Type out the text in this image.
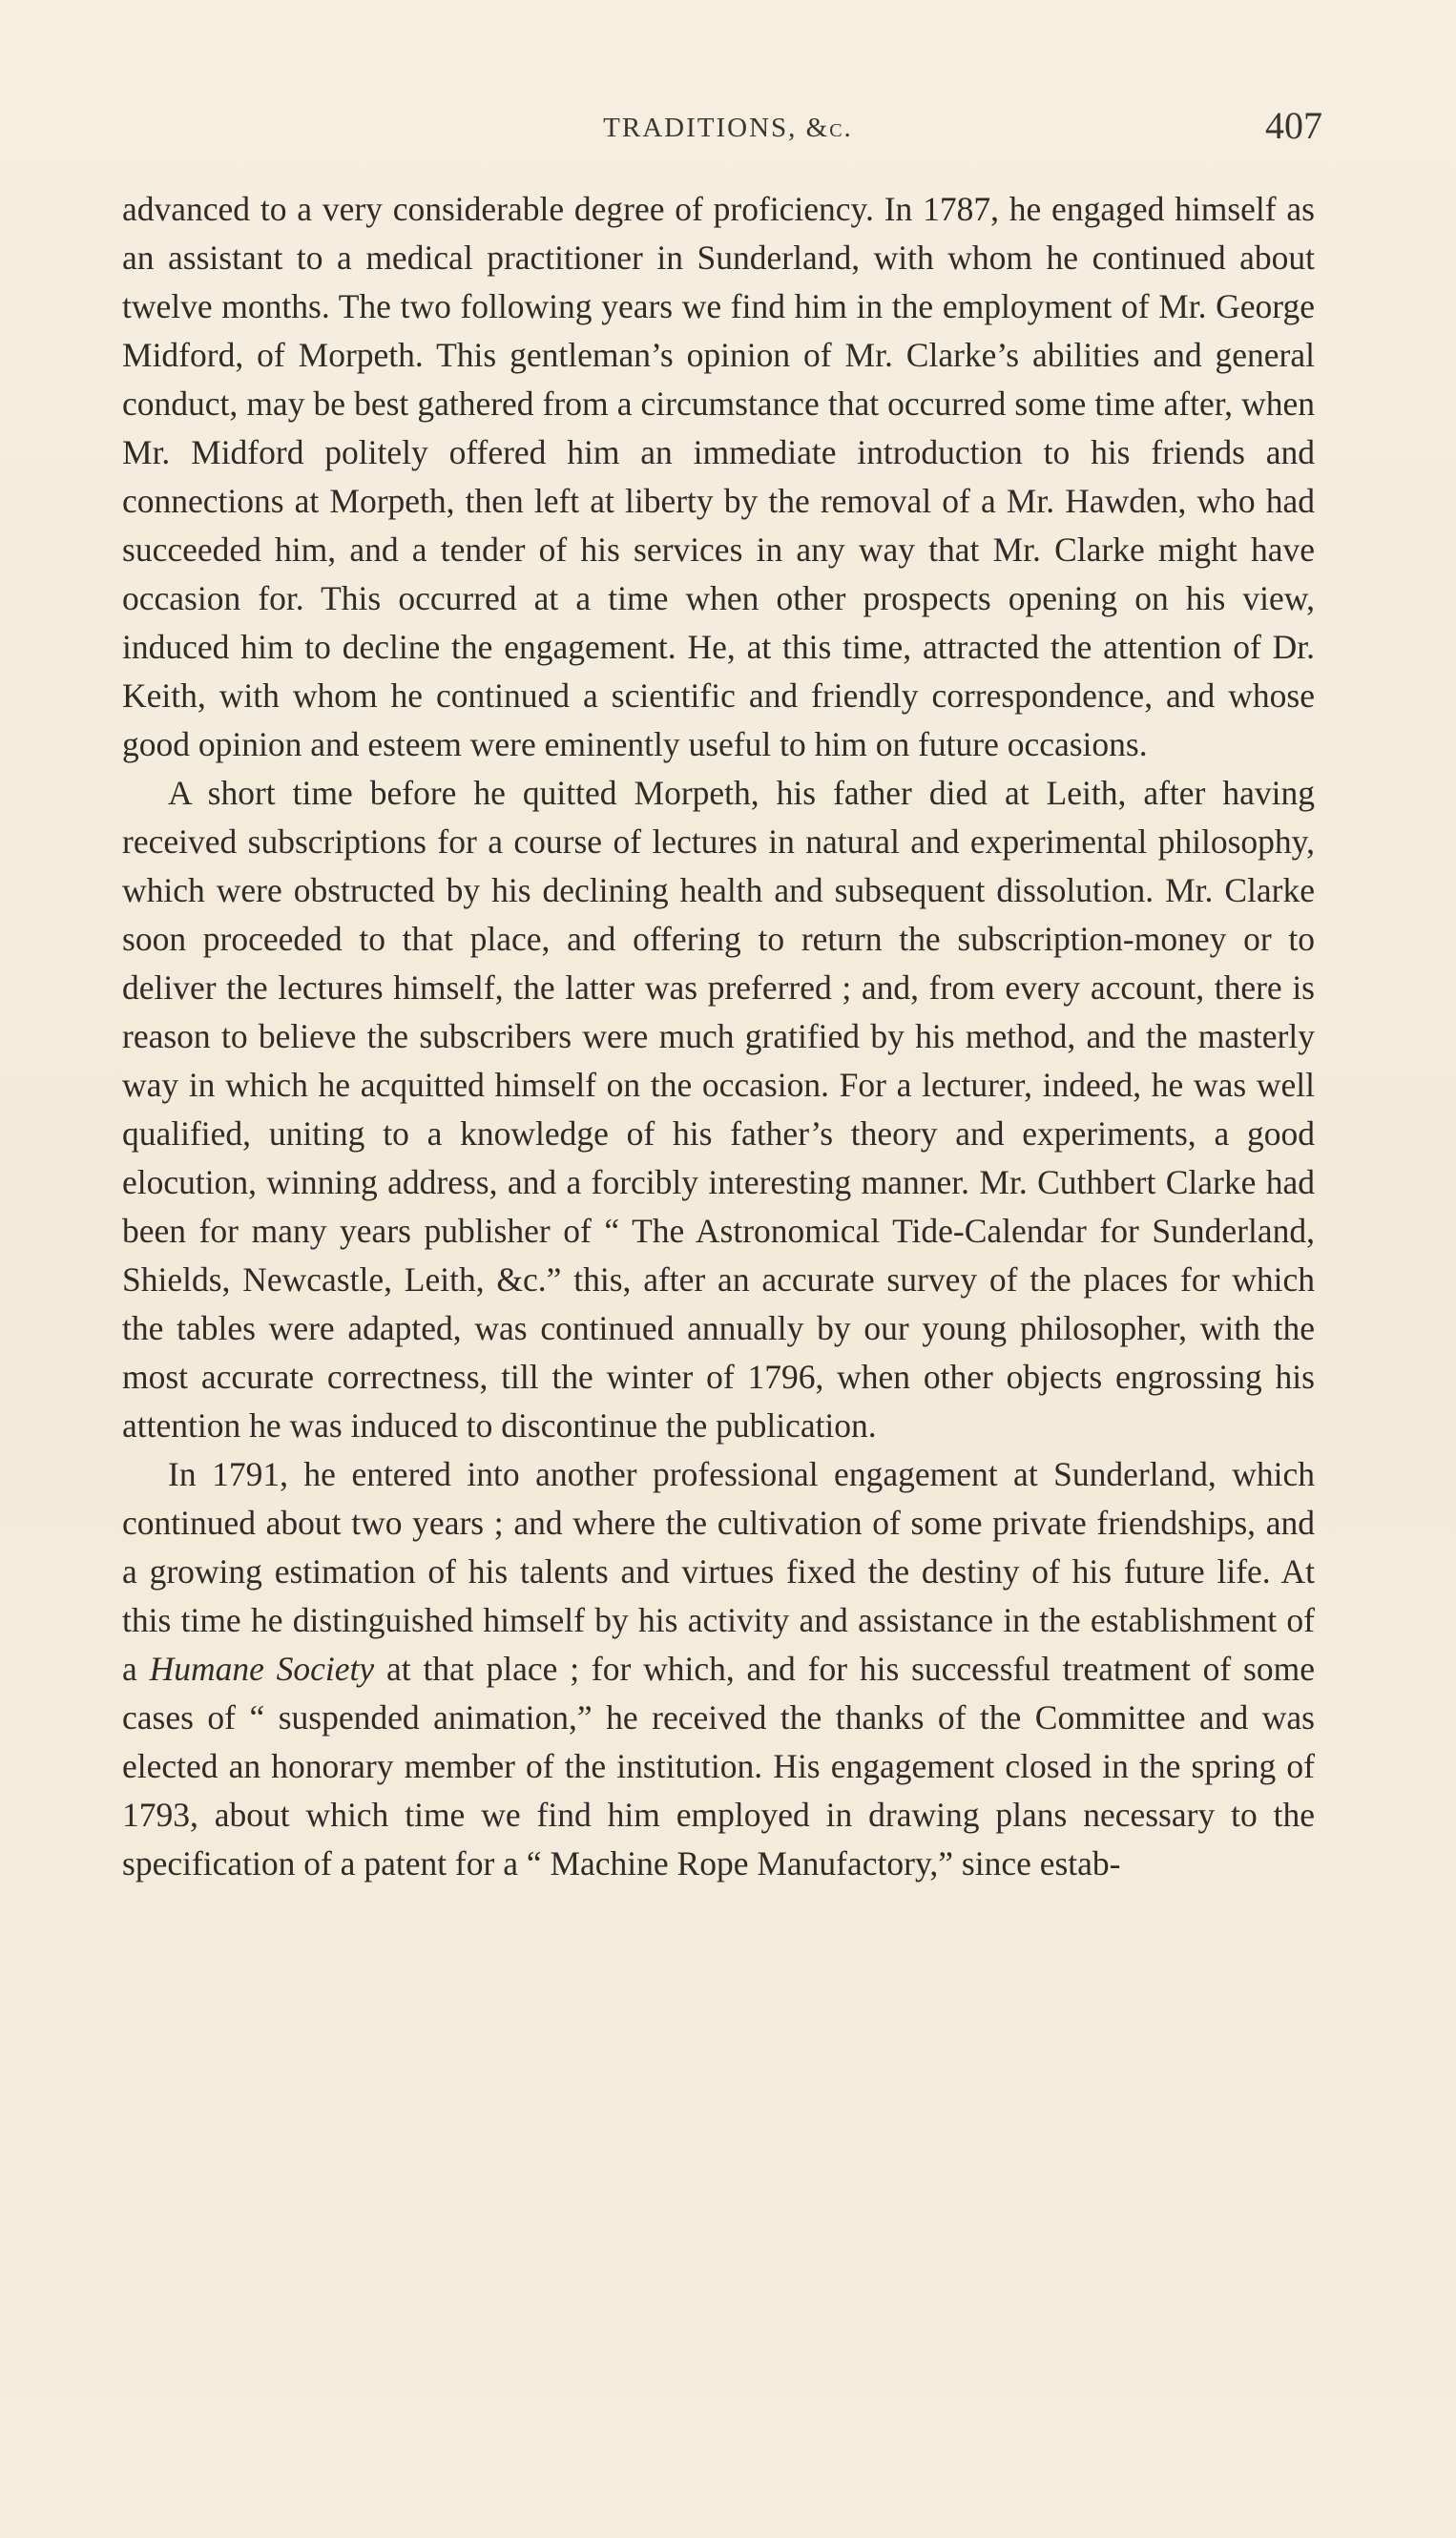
TRADITIONS, &c.	407

advanced to a very considerable degree of proficiency. In 1787, he engaged himself as an assistant to a medical practitioner in Sunderland, with whom he continued about twelve months. The two following years we find him in the employment of Mr. George Midford, of Morpeth. This gentleman’s opinion of Mr. Clarke’s abilities and general conduct, may be best gathered from a circumstance that occurred some time after, when Mr. Midford politely offered him an immediate introduction to his friends and connections at Morpeth, then left at liberty by the removal of a Mr. Hawden, who had succeeded him, and a tender of his services in any way that Mr. Clarke might have occasion for. This occurred at a time when other prospects opening on his view, induced him to decline the engagement. He, at this time, attracted the attention of Dr. Keith, with whom he continued a scientific and friendly correspondence, and whose good opinion and esteem were eminently useful to him on future occasions.

A short time before he quitted Morpeth, his father died at Leith, after having received subscriptions for a course of lectures in natural and experimental philosophy, which were obstructed by his declining health and subsequent dissolution. Mr. Clarke soon proceeded to that place, and offering to return the subscription-money or to deliver the lectures himself, the latter was preferred ; and, from every account, there is reason to believe the subscribers were much gratified by his method, and the masterly way in which he acquitted himself on the occasion. For a lecturer, indeed, he was well qualified, uniting to a knowledge of his father’s theory and experiments, a good elocution, winning address, and a forcibly interesting manner. Mr. Cuthbert Clarke had been for many years publisher of “ The Astronomical Tide-Calendar for Sunderland, Shields, Newcastle, Leith, &c.” this, after an accurate survey of the places for which the tables were adapted, was continued annually by our young philosopher, with the most accurate correctness, till the winter of 1796, when other objects engrossing his attention he was induced to discontinue the publication.

In 1791, he entered into another professional engagement at Sunderland, which continued about two years ; and where the cultivation of some private friendships, and a growing estimation of his talents and virtues fixed the destiny of his future life. At this time he distinguished himself by his activity and assistance in the establishment of a Humane Society at that place ; for which, and for his successful treatment of some cases of “ suspended animation,” he received the thanks of the Committee and was elected an honorary member of the institution. His engagement closed in the spring of 1793, about which time we find him employed in drawing plans necessary to the specification of a patent for a “ Machine Rope Manufactory,” since estab-
